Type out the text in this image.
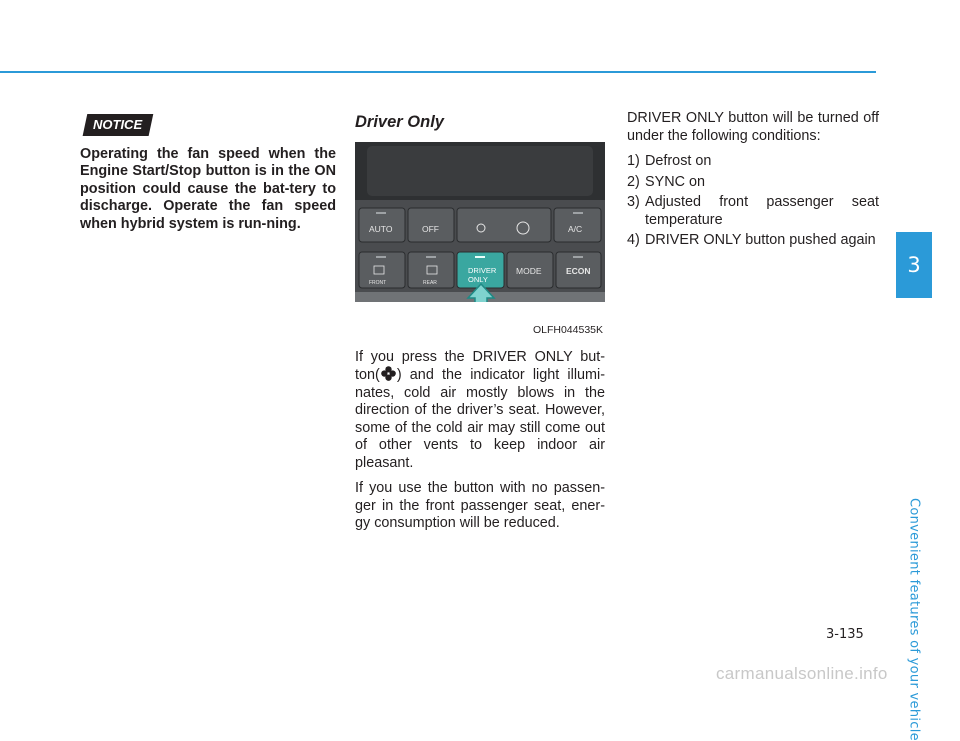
3
Convenient features of your vehicle
NOTICE
Operating the fan speed when the Engine Start/Stop button is in the ON position could cause the bat-tery to discharge. Operate the fan speed when hybrid system is run-ning.
Driver Only
AUTO	OFF	A/C
FRONT	REAR
DRIVER
ONLY
MODE	ECON
OLFH044535K

If you press the DRIVER ONLY but-ton( ) and the indicator light illumi-nates, cold air mostly blows in the direction of the driver’s seat. However, some of the cold air may still come out of other vents to keep indoor air pleasant.

If you use the button with no passen-ger in the front passenger seat, ener-gy consumption will be reduced.

DRIVER ONLY button will be turned off under the following conditions:

1) Defrost on
2) SYNC on
3) Adjusted front passenger seat temperature
4) DRIVER ONLY button pushed again
3-135
carmanualsonline.info
